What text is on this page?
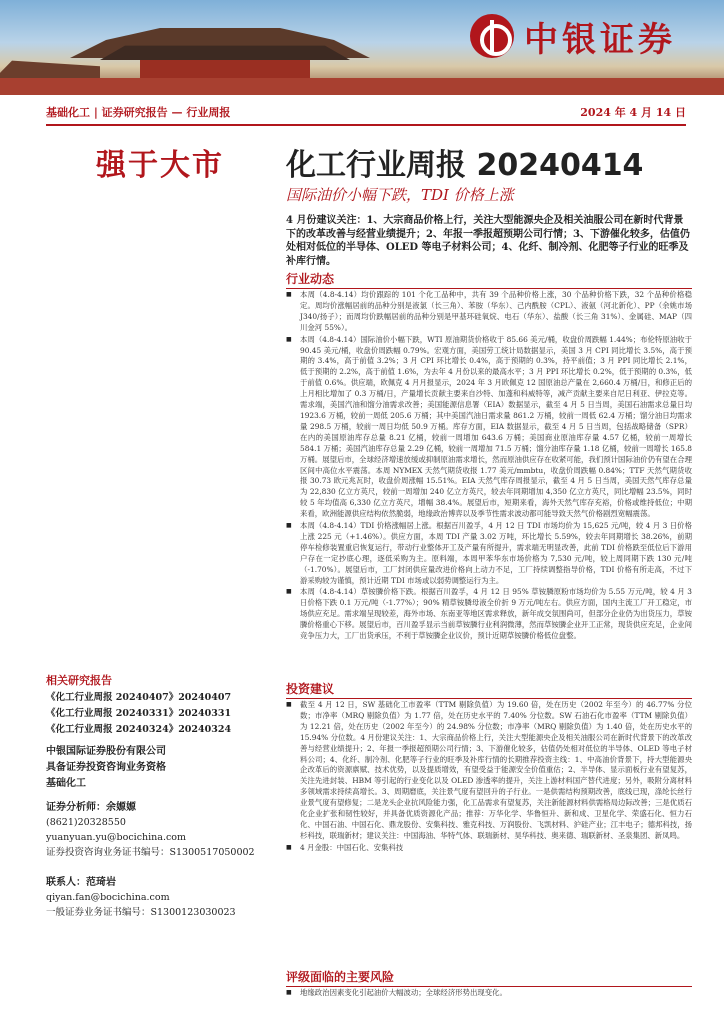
中银证券
基础化工 | 证券研究报告 — 行业周报	2024 年 4 月 14 日
强于大市 化工行业周报 20240414
国际油价小幅下跌，TDI 价格上涨
4 月份建议关注：1、大宗商品价格上行，关注大型能源央企及相关油服公司在新时代背景下的改革改善与经营业绩提升；2、年报一季报超预期公司行情；3、下游催化较多，估值仍处相对低位的半导体、OLED 等电子材料公司；4、化纤、制冷剂、化肥等子行业的旺季及补库行情。
行业动态
■ 本周（4.8-4.14）均价跟踪的 101 个化工品种中，共有 39 个品种价格上涨，30 个品种价格下跌，32 个品种价格稳定。周均价涨幅居前的品种分别是液氯（长三角）、苯胺（华东）、己内酰胺（CPL）、液氨（河北新化）、PP（余姚市场 J340/扬子）；而周均价跌幅居前的品种分别是甲基环硅氧烷、电石（华东）、盐酸（长三角 31%）、金属硅、MAP（四川金河 55%）。
■ 本周（4.8-4.14）国际油价小幅下跌，WTI 原油期货价格收于 85.66 美元/桶，收盘价周跌幅 1.44%；布伦特原油收于 90.45 美元/桶，收盘价周跌幅 0.79%。宏观方面，美国劳工统计局数据显示，美国 3 月 CPI 同比增长 3.5%，高于预期的 3.4%，高于前值 3.2%；3 月 CPI 环比增长 0.4%，高于预期的 0.3%，持平前值；3 月 PPI 同比增长 2.1%，低于预期的 2.2%，高于前值 1.6%，为去年 4 月份以来的最高水平；3 月 PPI 环比增长 0.2%，低于预期的 0.3%，低于前值 0.6%。供应端，欧佩克 4 月月报显示，2024 年 3 月欧佩克 12 国原油总产量在 2,660.4 万桶/日，和修正后的上月相比增加了 0.3 万桶/日，产量增长贡献主要来自沙特、加蓬和科威特等，减产贡献主要来自尼日利亚、伊拉克等。需求端，美国汽油和馏分油需求改善；美国能源信息署（EIA）数据显示，截至 4 月 5 日当周，美国石油需求总量日均 1923.6 万桶，较前一周低 205.6 万桶；其中美国汽油日需求量 861.2 万桶，较前一周低 62.4 万桶；馏分油日均需求量 298.5 万桶，较前一周日均低 50.9 万桶。库存方面，EIA 数据显示，截至 4 月 5 日当周，包括战略储备（SPR）在内的美国原油库存总量 8.21 亿桶，较前一周增加 643.6 万桶；美国商业原油库存量 4.57 亿桶，较前一周增长 584.1 万桶；美国汽油库存总量 2.29 亿桶，较前一周增加 71.5 万桶；馏分油库存量 1.18 亿桶，较前一周增长 165.8 万桶。展望后市，全球经济增速放缓或抑制原油需求增长，然而原油供应存在收紧可能，我们预计国际油价仍有望在合理区间中高位水平震荡。本周 NYMEX 天然气期货收报 1.77 美元/mmbtu，收盘价周跌幅 0.84%；TTF 天然气期货收报 30.73 欧元兆瓦时，收盘价周涨幅 15.51%。EIA 天然气库存周报显示，截至 4 月 5 日当周，美国天然气库存总量为 22,830 亿立方英尺，较前一周增加 240 亿立方英尺，较去年同期增加 4,350 亿立方英尺，同比增幅 23.5%，同时较 5 年均值高 6,330 亿立方英尺，增幅 38.4%。展望后市，短期来看，海外天然气库存充裕，价格或维持低位；中期来看，欧洲能源供应结构依然脆弱，地缘政治博弈以及季节性需求波动都可能导致天然气价格剧烈宽幅震荡。
■ 本周（4.8-4.14）TDI 价格涨幅居上涨。根据百川盈孚，4 月 12 日 TDI 市场均价为 15,625 元/吨，较 4 月 3 日价格上涨 225 元（+1.46%）。供应方面，本周 TDI 产量 3.02 万吨，环比增长 5.59%，较去年同期增长 38.26%，前期停车检修装置重启恢复运行，带动行业整体开工及产量有所提升，需求端无明显改善，此前 TDI 价格跌至低位后下游用户存在一定抄底心理，逐低采购为主。原料端，本周甲苯华东市场价格为 7,530 元/吨，较上周同期下跌 130 元/吨（-1.70%）。展望后市，工厂封闭供应量改进价格向上动力不足，工厂持续调整指导价格，TDI 价格有所走高，不过下游采购较为谨慎，预计近期 TDI 市场或以弱势调整运行为主。
■ 本周（4.8-4.14）草铵膦价格下跌。根据百川盈孚，4 月 12 日 95% 草铵膦原粉市场均价为 5.55 万元/吨，较 4 月 3 日价格下跌 0.1 万元/吨（-1.77%）；90% 精草铵膦母液全价折 9 万元/吨左右。供应方面，国内主流工厂开工稳定，市场供应充足。需求端呈现较差，海外市场、东南亚等地区需求释放，新年成交氛围尚可，但部分企业仍为出货压力，草铵膦价格重心下移。展望后市，百川盈孚显示当前草铵膦行业利润微薄，然而草铵膦企业开工正常，现货供应充足，企业间竞争压力大，工厂出货承压，不利于草铵膦企业议价，预计近期草铵膦价格低位盘整。
投资建议
■ 截至 4 月 12 日，SW 基础化工市盈率（TTM 剔除负值）为 19.60 倍，处在历史（2002 年至今）的 46.77% 分位数；市净率（MRQ 剔除负值）为 1.77 倍，处在历史水平的 7.40% 分位数。SW 石油石化市盈率（TTM 剔除负值）为 12.21 倍，处在历史（2002 年至今）的 24.98% 分位数；市净率（MRQ 剔除负值）为 1.40 倍，处在历史水平的 15.94% 分位数。4 月份建议关注：1、大宗商品价格上行，关注大型能源央企及相关油服公司在新时代背景下的改革改善与经营业绩提升；2、年报一季报超预期公司行情；3、下游催化较多，估值仍处相对低位的半导体、OLED 等电子材料公司；4、化纤、制冷剂、化肥等子行业的旺季及补库行情的长期推荐投资主线：1、中高油价背景下，持大型能源央企改革后的资源禀赋、技术优势，以及提质增效，有望受益于能源安全价值重估；2、半导体、显示面板行业有望复苏，关注先进封装、HBM 等引起的行业变化以及 OLED 渗透率的提升，关注上游材料国产替代进度；另外，吸附分离材料多领域需求持续高增长。3、周期磨底，关注景气度有望回升的子行业。一是供需结构预期改善，底线已现，涤纶长丝行业景气度有望修复；二是龙头企业抗风险能力强，化工品需求有望复苏，关注新能源材料供需格局边际改善；三是优质石化企业扩张和韧性较好，并具备优质资源化产品；推荐：万华化学、华鲁恒升、新和成、卫星化学、荣盛石化、恒力石化、中国石油、中国石化、鼎龙股份、安集科技、雅克科技、万润股份、飞凯材料、沪硅产业；江丰电子；德邦科技，扬杉科技，联瑞新材；建议关注：中国海油、华特气体、联瑞新材、昊华科技、奥来德、瑞联新材、圣泉集团、新凤鸣。
■ 4 月金股：中国石化、安集科技
评级面临的主要风险
■ 地缘政治因素变化引起油价大幅波动；全球经济形势出现变化。
相关研究报告
《化工行业周报 20240407》20240407
《化工行业周报 20240331》20240331
《化工行业周报 20240324》20240324
中银国际证券股份有限公司
具备证券投资咨询业务资格
基础化工
证券分析师：余嫄嫄
(8621)20328550
yuanyuan.yu@bocichina.com
证券投资咨询业务证书编号：S1300517050002
联系人：范琦岩
qiyan.fan@bocichina.com
一般证券业务证书编号：S1300123030023
